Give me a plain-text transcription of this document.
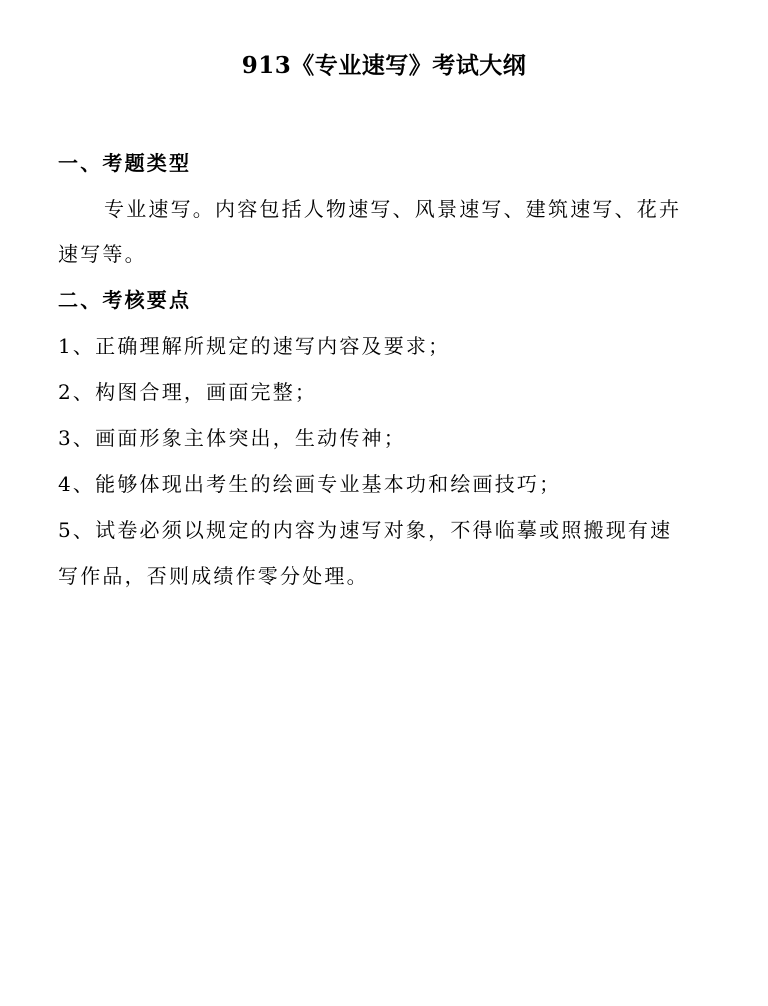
913《专业速写》考试大纲
一、考题类型
专业速写。内容包括人物速写、风景速写、建筑速写、花卉
速写等。
二、考核要点
1、正确理解所规定的速写内容及要求；
2、构图合理，画面完整；
3、画面形象主体突出，生动传神；
4、能够体现出考生的绘画专业基本功和绘画技巧；
5、试卷必须以规定的内容为速写对象，不得临摹或照搬现有速
写作品，否则成绩作零分处理。
